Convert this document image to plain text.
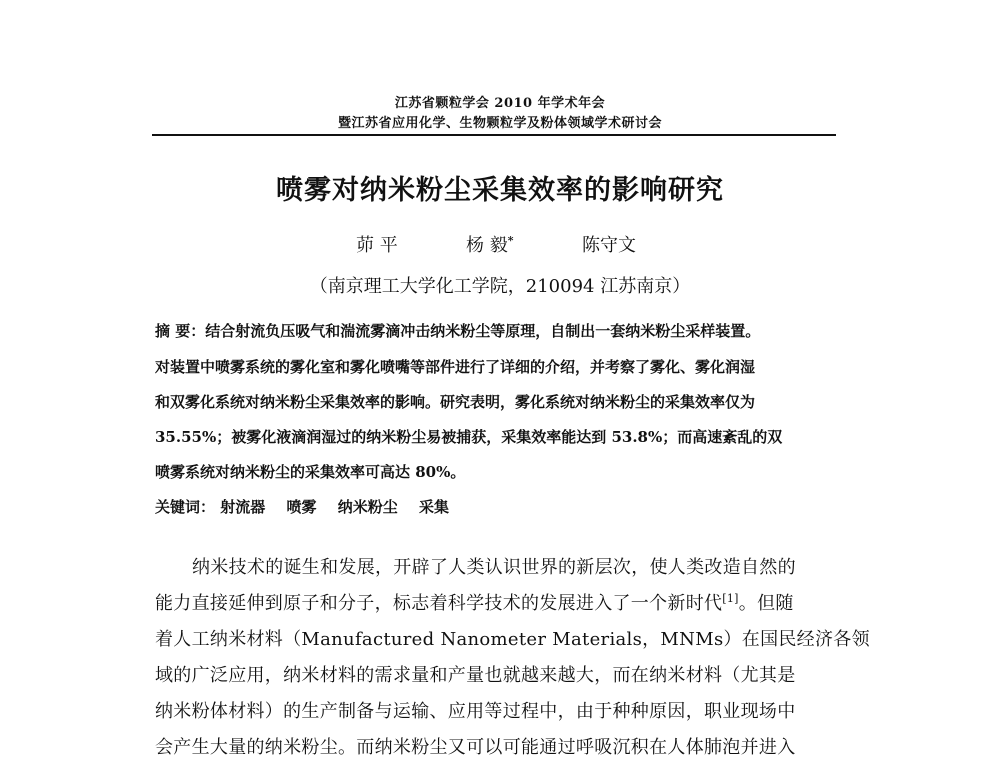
江苏省颗粒学会 2010 年学术年会
暨江苏省应用化学、生物颗粒学及粉体领域学术研讨会
喷雾对纳米粉尘采集效率的影响研究
茆 平	杨 毅*	陈守文
（南京理工大学化工学院，210094 江苏南京）
摘 要：结合射流负压吸气和湍流雾滴冲击纳米粉尘等原理，自制出一套纳米粉尘采样装置。
对装置中喷雾系统的雾化室和雾化喷嘴等部件进行了详细的介绍，并考察了雾化、雾化润湿
和双雾化系统对纳米粉尘采集效率的影响。研究表明，雾化系统对纳米粉尘的采集效率仅为
35.55%；被雾化液滴润湿过的纳米粉尘易被捕获，采集效率能达到 53.8%；而高速紊乱的双
喷雾系统对纳米粉尘的采集效率可高达 80%。
关键词： 射流器 喷雾 纳米粉尘 采集
纳米技术的诞生和发展，开辟了人类认识世界的新层次，使人类改造自然的
能力直接延伸到原子和分子，标志着科学技术的发展进入了一个新时代[1]。但随
着人工纳米材料（Manufactured Nanometer Materials，MNMs）在国民经济各领
域的广泛应用，纳米材料的需求量和产量也就越来越大，而在纳米材料（尤其是
纳米粉体材料）的生产制备与运输、应用等过程中，由于种种原因，职业现场中
会产生大量的纳米粉尘。而纳米粉尘又可以可能通过呼吸沉积在人体肺泡并进入
